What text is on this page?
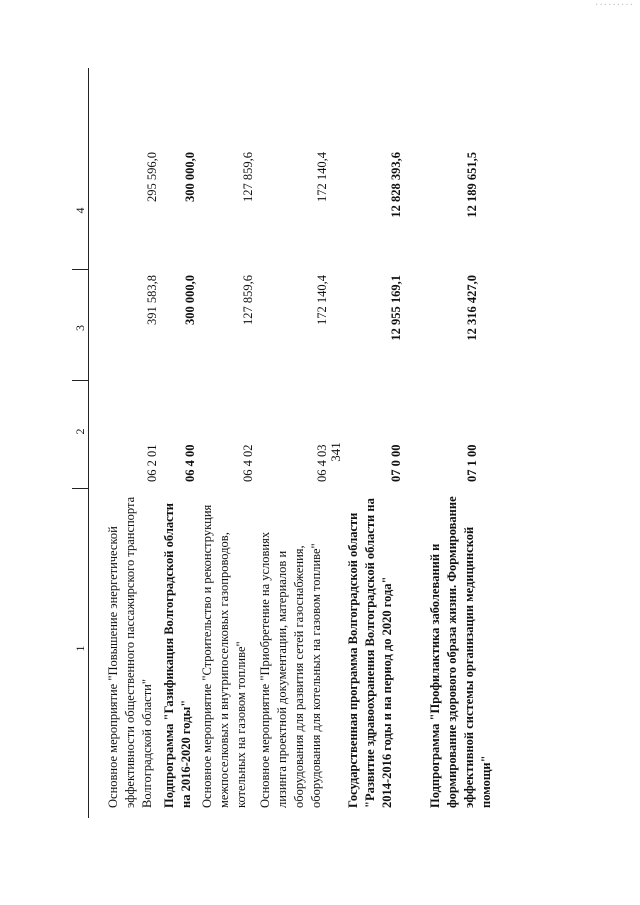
·········
341
1
2
3
4
Основное мероприятие "Повышение энергетической эффективности общественного пассажирского транспорта Волгоградской области"
06 2 01
391 583,8
295 596,0
Подпрограмма "Газификация Волгоградской области на 2016-2020 годы"
06 4 00
300 000,0
300 000,0
Основное мероприятие "Строительство и реконструкция межпоселковых и внутрипоселковых газопроводов, котельных на газовом топливе"
06 4 02
127 859,6
127 859,6
Основное мероприятие "Приобретение на условиях лизинга проектной документации, материалов и оборудования для развития сетей газоснабжения, оборудования для котельных на газовом топливе"
06 4 03
172 140,4
172 140,4
Государственная программа Волгоградской области "Развитие здравоохранения Волгоградской области на 2014-2016 годы и на период до 2020 года"
07 0 00
12 955 169,1
12 828 393,6
Подпрограмма "Профилактика заболеваний и формирование здорового образа жизни. Формирование эффективной системы организации медицинской помощи"
07 1 00
12 316 427,0
12 189 651,5
